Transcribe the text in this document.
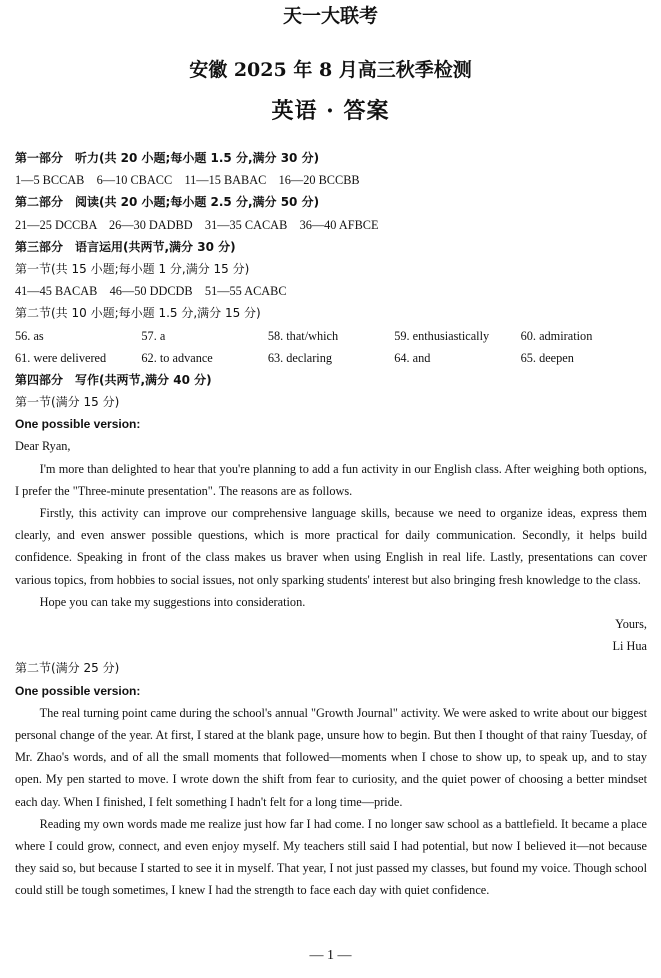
天一大联考
安徽 2025 年 8 月高三秋季检测
英语 · 答案
第一部分　听力(共 20 小题;每小题 1.5 分,满分 30 分)
1—5 BCCAB　6—10 CBACC　11—15 BABAC　16—20 BCCBB
第二部分　阅读(共 20 小题;每小题 2.5 分,满分 50 分)
21—25 DCCBA　26—30 DADBD　31—35 CACAB　36—40 AFBCE
第三部分　语言运用(共两节,满分 30 分)
第一节(共 15 小题;每小题 1 分,满分 15 分)
41—45 BACAB　46—50 DDCDB　51—55 ACABC
第二节(共 10 小题;每小题 1.5 分,满分 15 分)
56. as	57. a	58. that/which	59. enthusiastically	60. admiration
61. were delivered	62. to advance	63. declaring	64. and	65. deepen
第四部分　写作(共两节,满分 40 分)
第一节(满分 15 分)
One possible version:
Dear Ryan,

I'm more than delighted to hear that you're planning to add a fun activity in our English class. After weighing both options, I prefer the "Three-minute presentation". The reasons are as follows.

Firstly, this activity can improve our comprehensive language skills, because we need to organize ideas, express them clearly, and even answer possible questions, which is more practical for daily communication. Secondly, it helps build confidence. Speaking in front of the class makes us braver when using English in real life. Lastly, presentations can cover various topics, from hobbies to social issues, not only sparking students' interest but also bringing fresh knowledge to the class.

Hope you can take my suggestions into consideration.

Yours,
Li Hua
第二节(满分 25 分)
One possible version:

The real turning point came during the school's annual "Growth Journal" activity. We were asked to write about our biggest personal change of the year. At first, I stared at the blank page, unsure how to begin. But then I thought of that rainy Tuesday, of Mr. Zhao's words, and of all the small moments that followed—moments when I chose to show up, to speak up, and to stay open. My pen started to move. I wrote down the shift from fear to curiosity, and the quiet power of choosing a better mindset each day. When I finished, I felt something I hadn't felt for a long time—pride.

Reading my own words made me realize just how far I had come. I no longer saw school as a battlefield. It became a place where I could grow, connect, and even enjoy myself. My teachers still said I had potential, but now I believed it—not because they said so, but because I started to see it in myself. That year, I not just passed my classes, but found my voice. Though school could still be tough sometimes, I knew I had the strength to face each day with quiet confidence.

— 1 —
